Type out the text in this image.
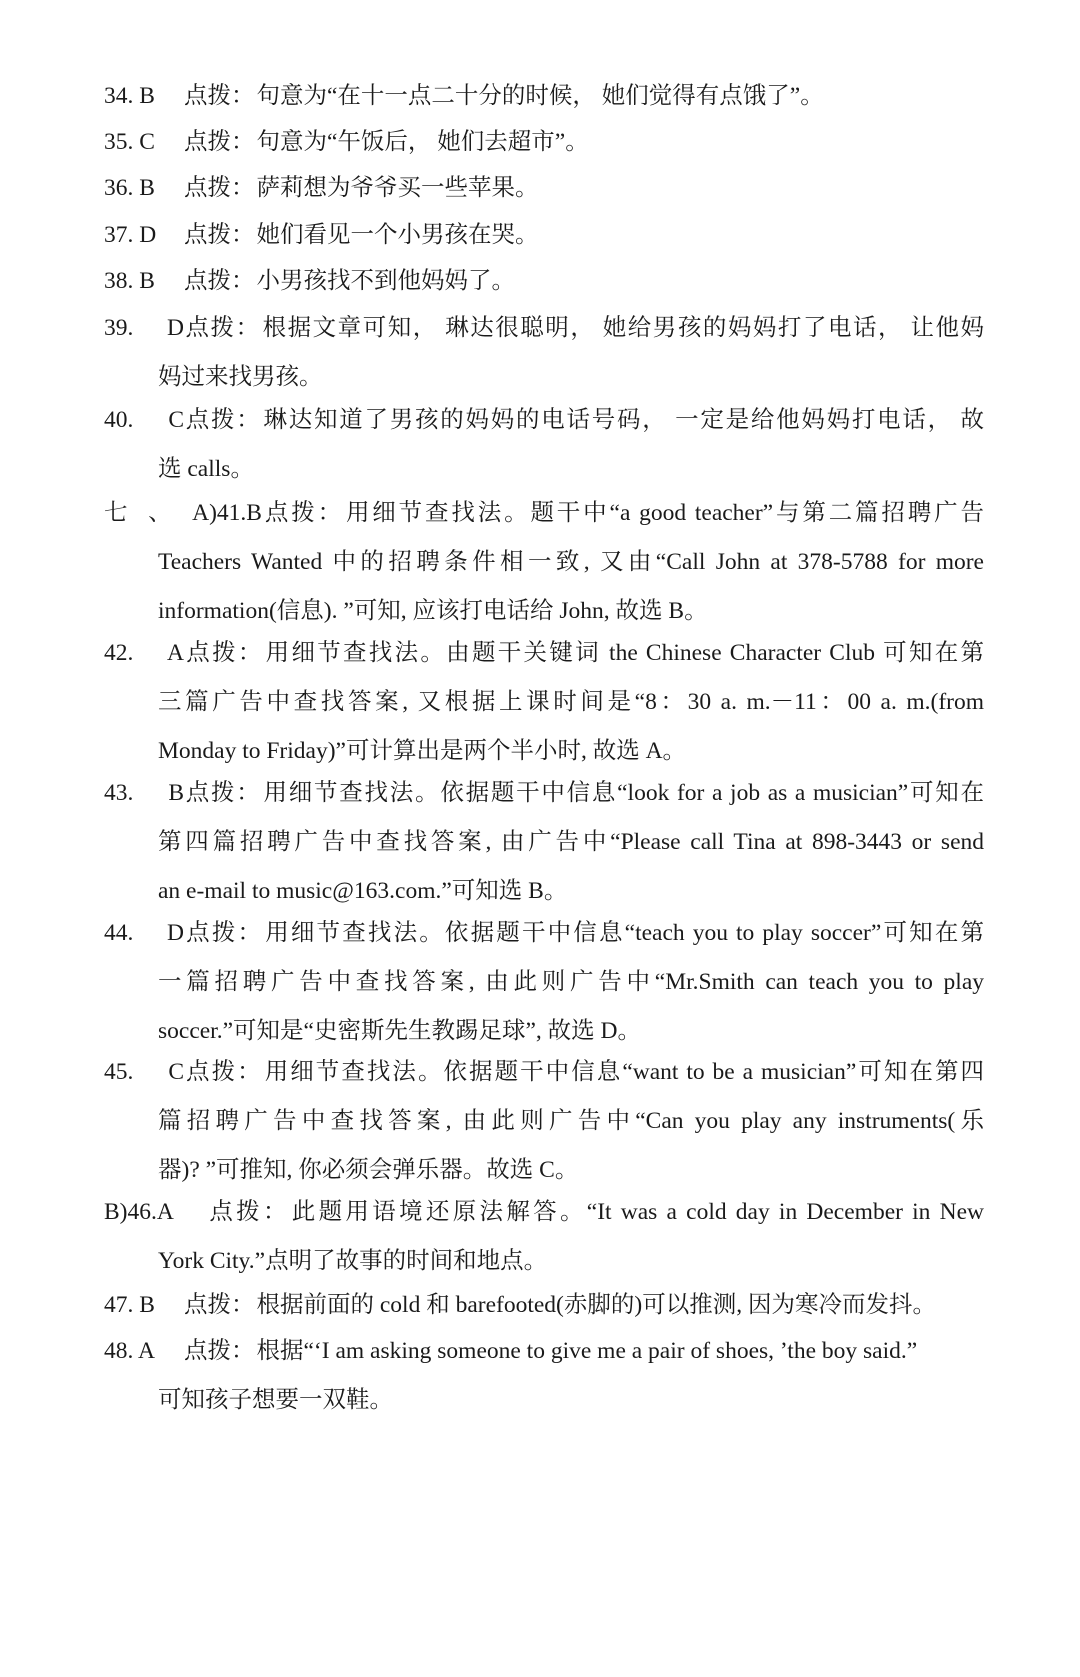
34. B 点拨：句意为“在十一点二十分的时候， 她们觉得有点饿了”。
35. C 点拨：句意为“午饭后， 她们去超市”。
36. B 点拨：萨莉想为爷爷买一些苹果。
37. D 点拨：她们看见一个小男孩在哭。
38. B 点拨：小男孩找不到他妈妈了。
39. D点拨：根据文章可知， 琳达很聪明， 她给男孩的妈妈打了电话， 让他妈
妈过来找男孩。
40. C点拨：琳达知道了男孩的妈妈的电话号码， 一定是给他妈妈打电话， 故
选 calls。
七、A)41.B点拨：用细节查找法。题干中“a good teacher”与第二篇招聘广告
Teachers Wanted 中的招聘条件相一致, 又由“Call John at 378-5788 for more
information(信息). ”可知, 应该打电话给 John, 故选 B。
42. A点拨：用细节查找法。由题干关键词 the Chinese Character Club 可知在第
三篇广告中查找答案, 又根据上课时间是“8：30 a. m.－11：00 a. m.(from
Monday to Friday)”可计算出是两个半小时, 故选 A。
43. B点拨：用细节查找法。依据题干中信息“look for a job as a musician”可知在
第四篇招聘广告中查找答案, 由广告中“Please call Tina at 898-3443 or send
an e-mail to music@163.com.”可知选 B。
44. D点拨：用细节查找法。依据题干中信息“teach you to play soccer”可知在第
一篇招聘广告中查找答案, 由此则广告中“Mr.Smith can teach you to play
soccer.”可知是“史密斯先生教踢足球”, 故选 D。
45. C点拨：用细节查找法。依据题干中信息“want to be a musician”可知在第四
篇招聘广告中查找答案, 由此则广告中“Can you play any instruments(乐
器)? ”可推知, 你必须会弹乐器。故选 C。
B)46.A 点拨：此题用语境还原法解答。“It was a cold day in December in New
York City.”点明了故事的时间和地点。
47. B 点拨：根据前面的 cold 和 barefooted(赤脚的)可以推测, 因为寒冷而发抖。
48. A 点拨：根据“‘I am asking someone to give me a pair of shoes, ’the boy said.”
可知孩子想要一双鞋。
